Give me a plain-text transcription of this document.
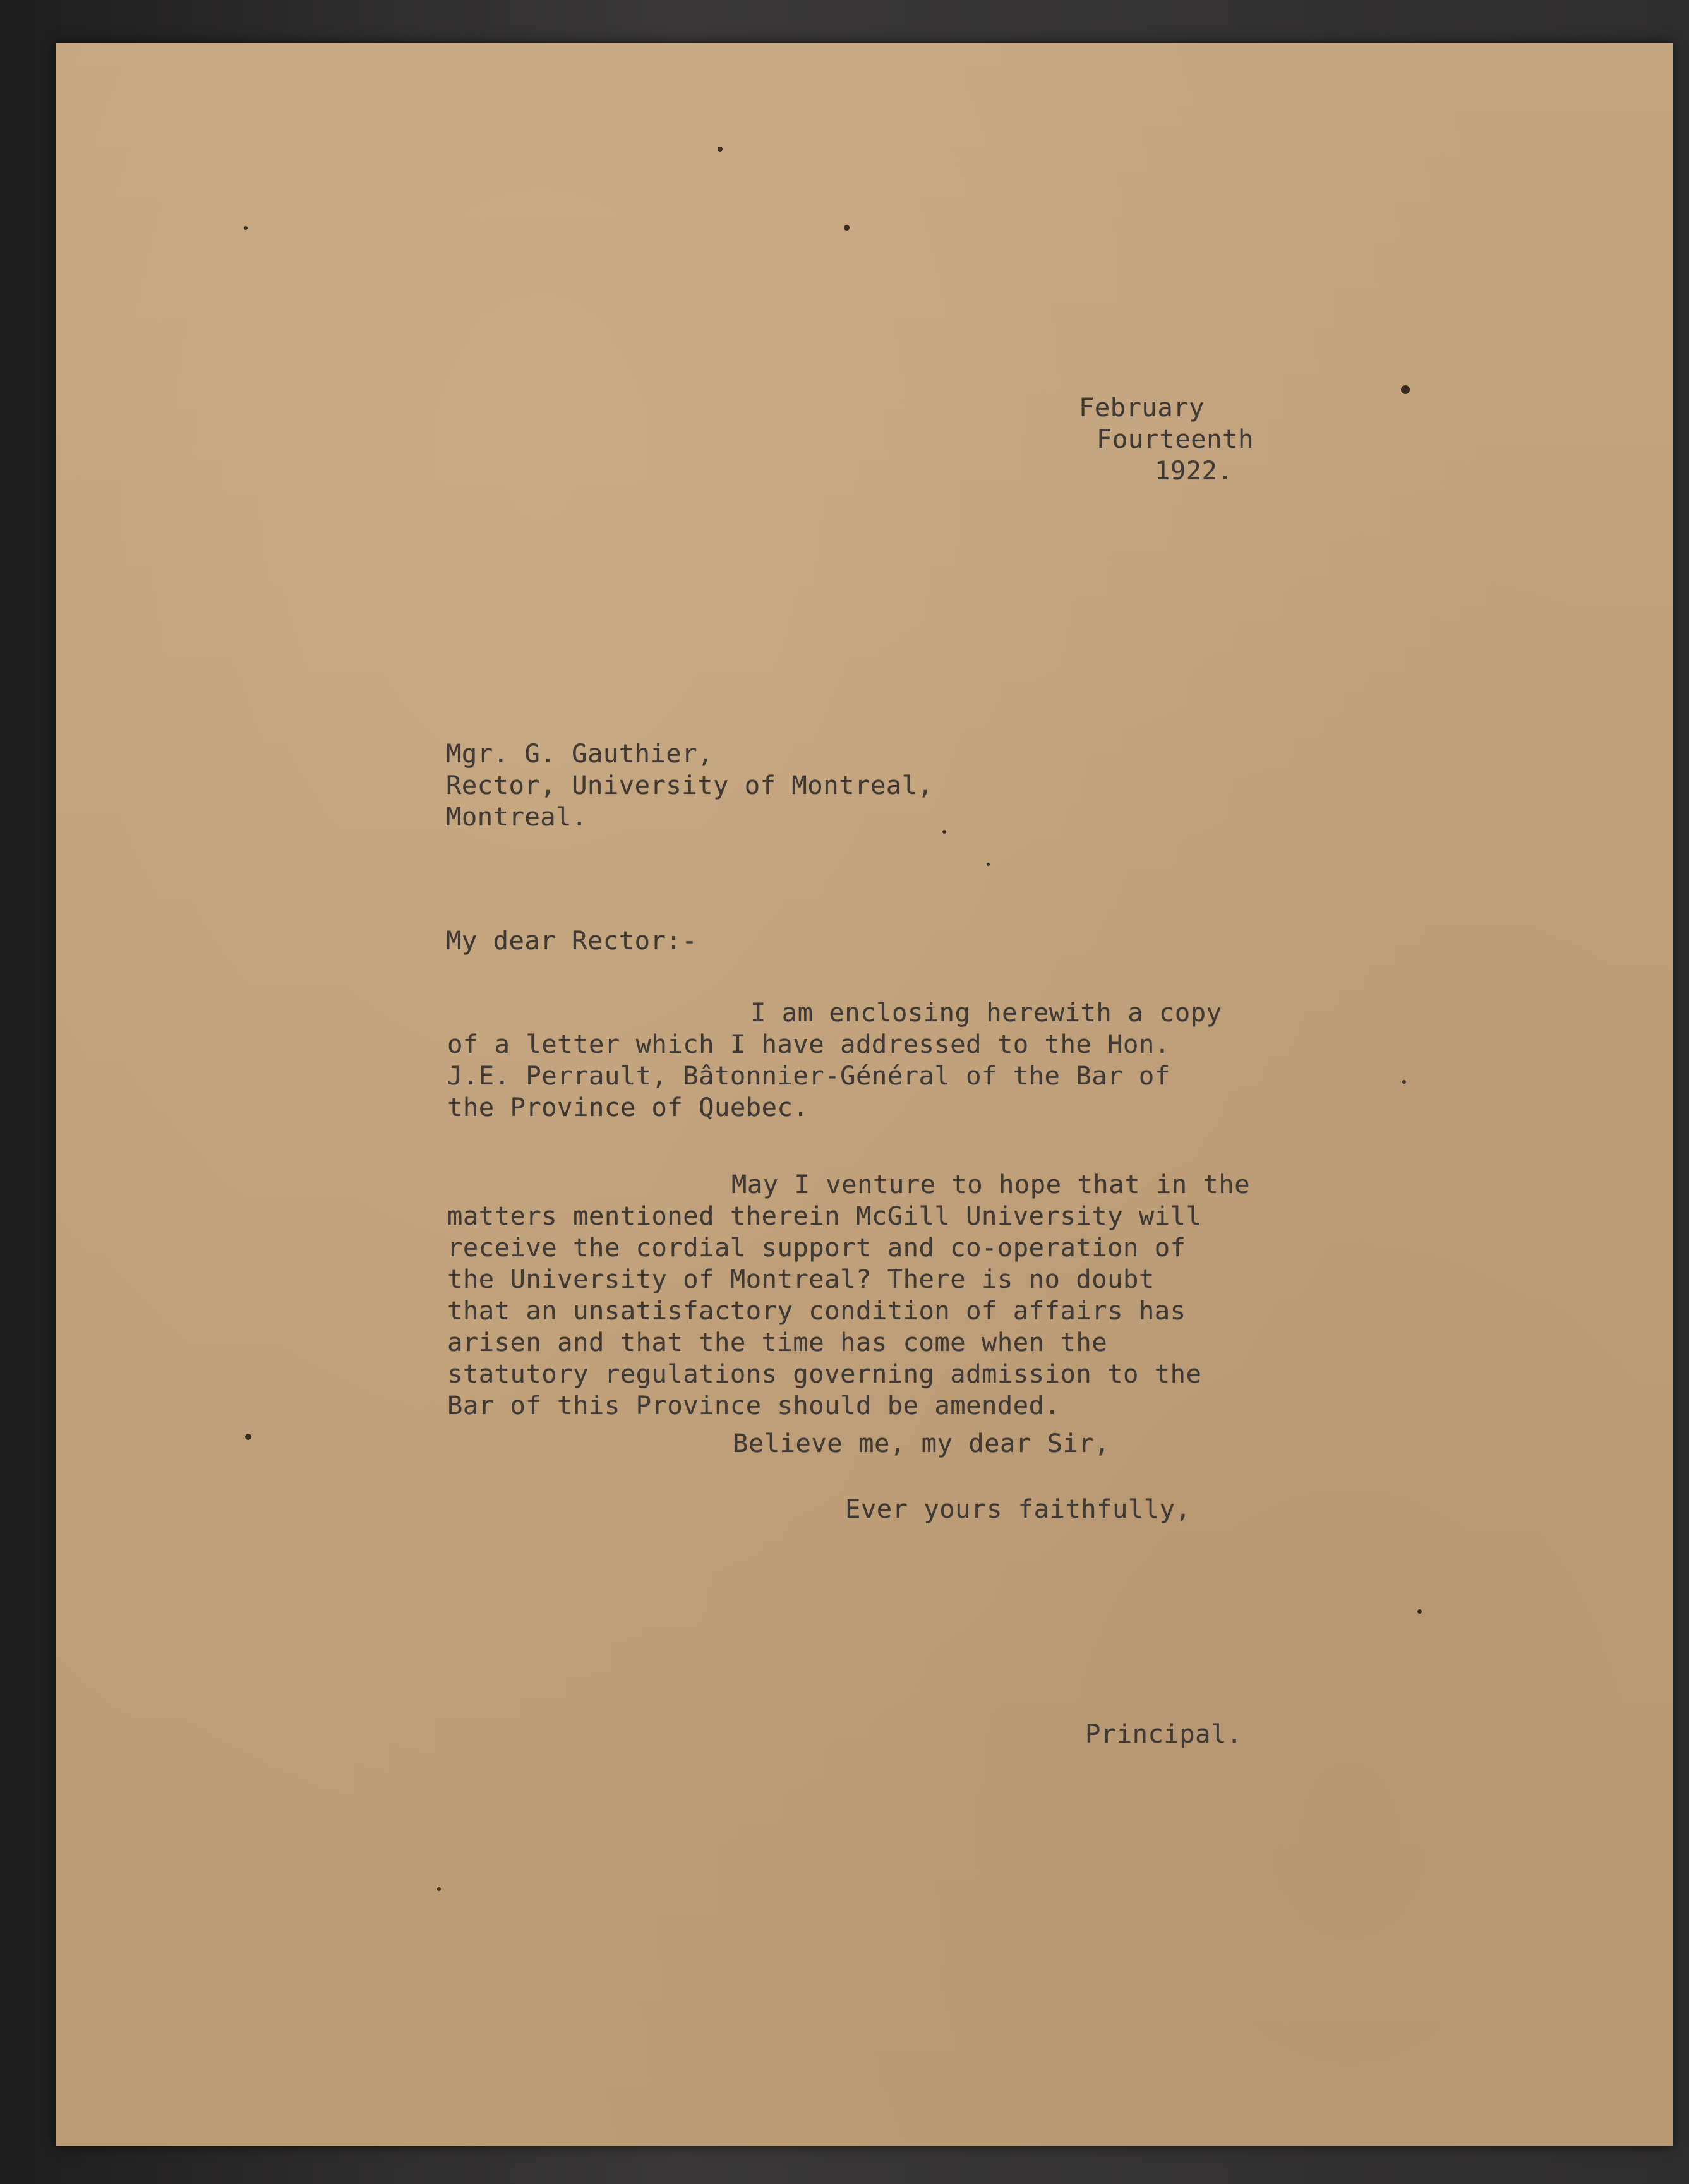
February
Fourteenth
1922.

Mgr. G. Gauthier,
Rector, University of Montreal,
Montreal.

My dear Rector:-

I am enclosing herewith a copy
of a letter which I have addressed to the Hon.
J.E. Perrault, Bâtonnier-Général of the Bar of
the Province of Quebec.

May I venture to hope that in the
matters mentioned therein McGill University will
receive the cordial support and co-operation of
the University of Montreal? There is no doubt
that an unsatisfactory condition of affairs has
arisen and that the time has come when the
statutory regulations governing admission to the
Bar of this Province should be amended.

Believe me, my dear Sir,

Ever yours faithfully,

Principal.
